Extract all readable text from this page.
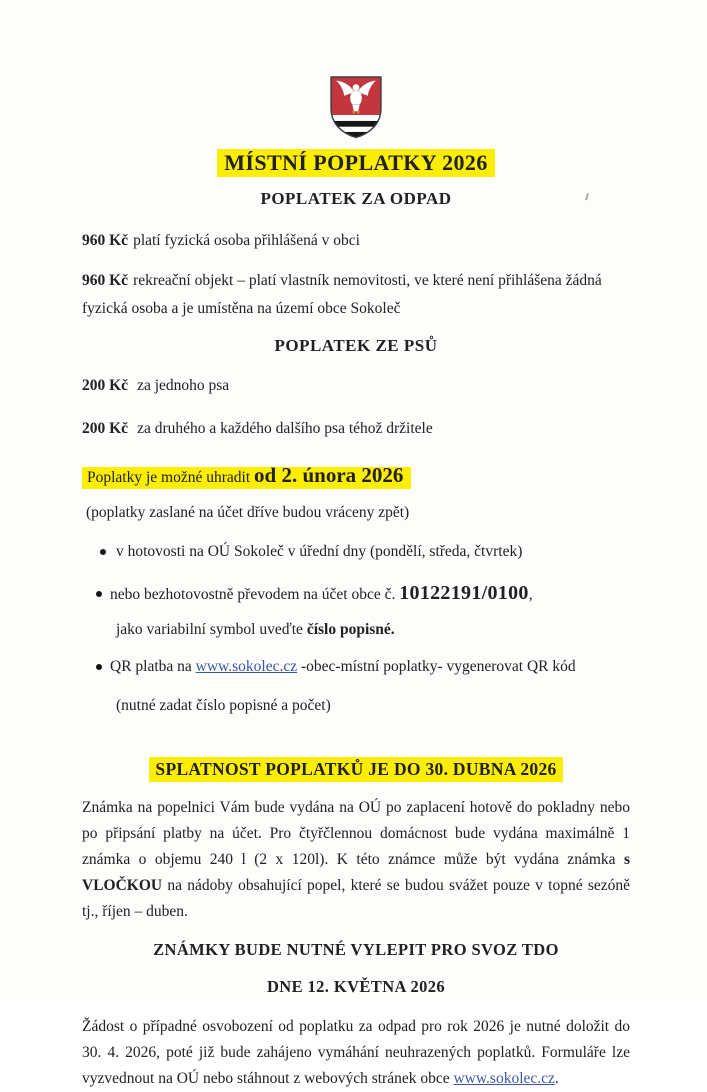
MÍSTNÍ POPLATKY 2026
POPLATEK ZA ODPAD
960 Kč platí fyzická osoba přihlášená v obci
960 Kč rekreační objekt – platí vlastník nemovitosti, ve které není přihlášena žádná fyzická osoba a je umístěna na území obce Sokoleč
POPLATEK ZE PSŮ
200 Kč za jednoho psa
200 Kč za druhého a každého dalšího psa téhož držitele
Poplatky je možné uhradit od 2. února 2026
(poplatky zaslané na účet dříve budou vráceny zpět)
v hotovosti na OÚ Sokoleč v úřední dny (pondělí, středa, čtvrtek)
nebo bezhotovostně převodem na účet obce č. 10122191/0100,
jako variabilní symbol uveďte číslo popisné.
QR platba na www.sokolec.cz -obec-místní poplatky- vygenerovat QR kód
(nutné zadat číslo popisné a počet)
SPLATNOST POPLATKŮ JE DO 30. DUBNA 2026
Známka na popelnici Vám bude vydána na OÚ po zaplacení hotově do pokladny nebo po připsání platby na účet. Pro čtyřčlennou domácnost bude vydána maximálně 1 známka o objemu 240 l (2 x 120l). K této známce může být vydána známka s VLOČKOU na nádoby obsahující popel, které se budou svážet pouze v topné sezóně tj., říjen – duben.
ZNÁMKY BUDE NUTNÉ VYLEPIT PRO SVOZ TDO
DNE 12. KVĚTNA 2026
Žádost o případné osvobození od poplatku za odpad pro rok 2026 je nutné doložit do 30. 4. 2026, poté již bude zahájeno vymáhání neuhrazených poplatků. Formuláře lze vyzvednout na OÚ nebo stáhnout z webových stránek obce www.sokolec.cz.
